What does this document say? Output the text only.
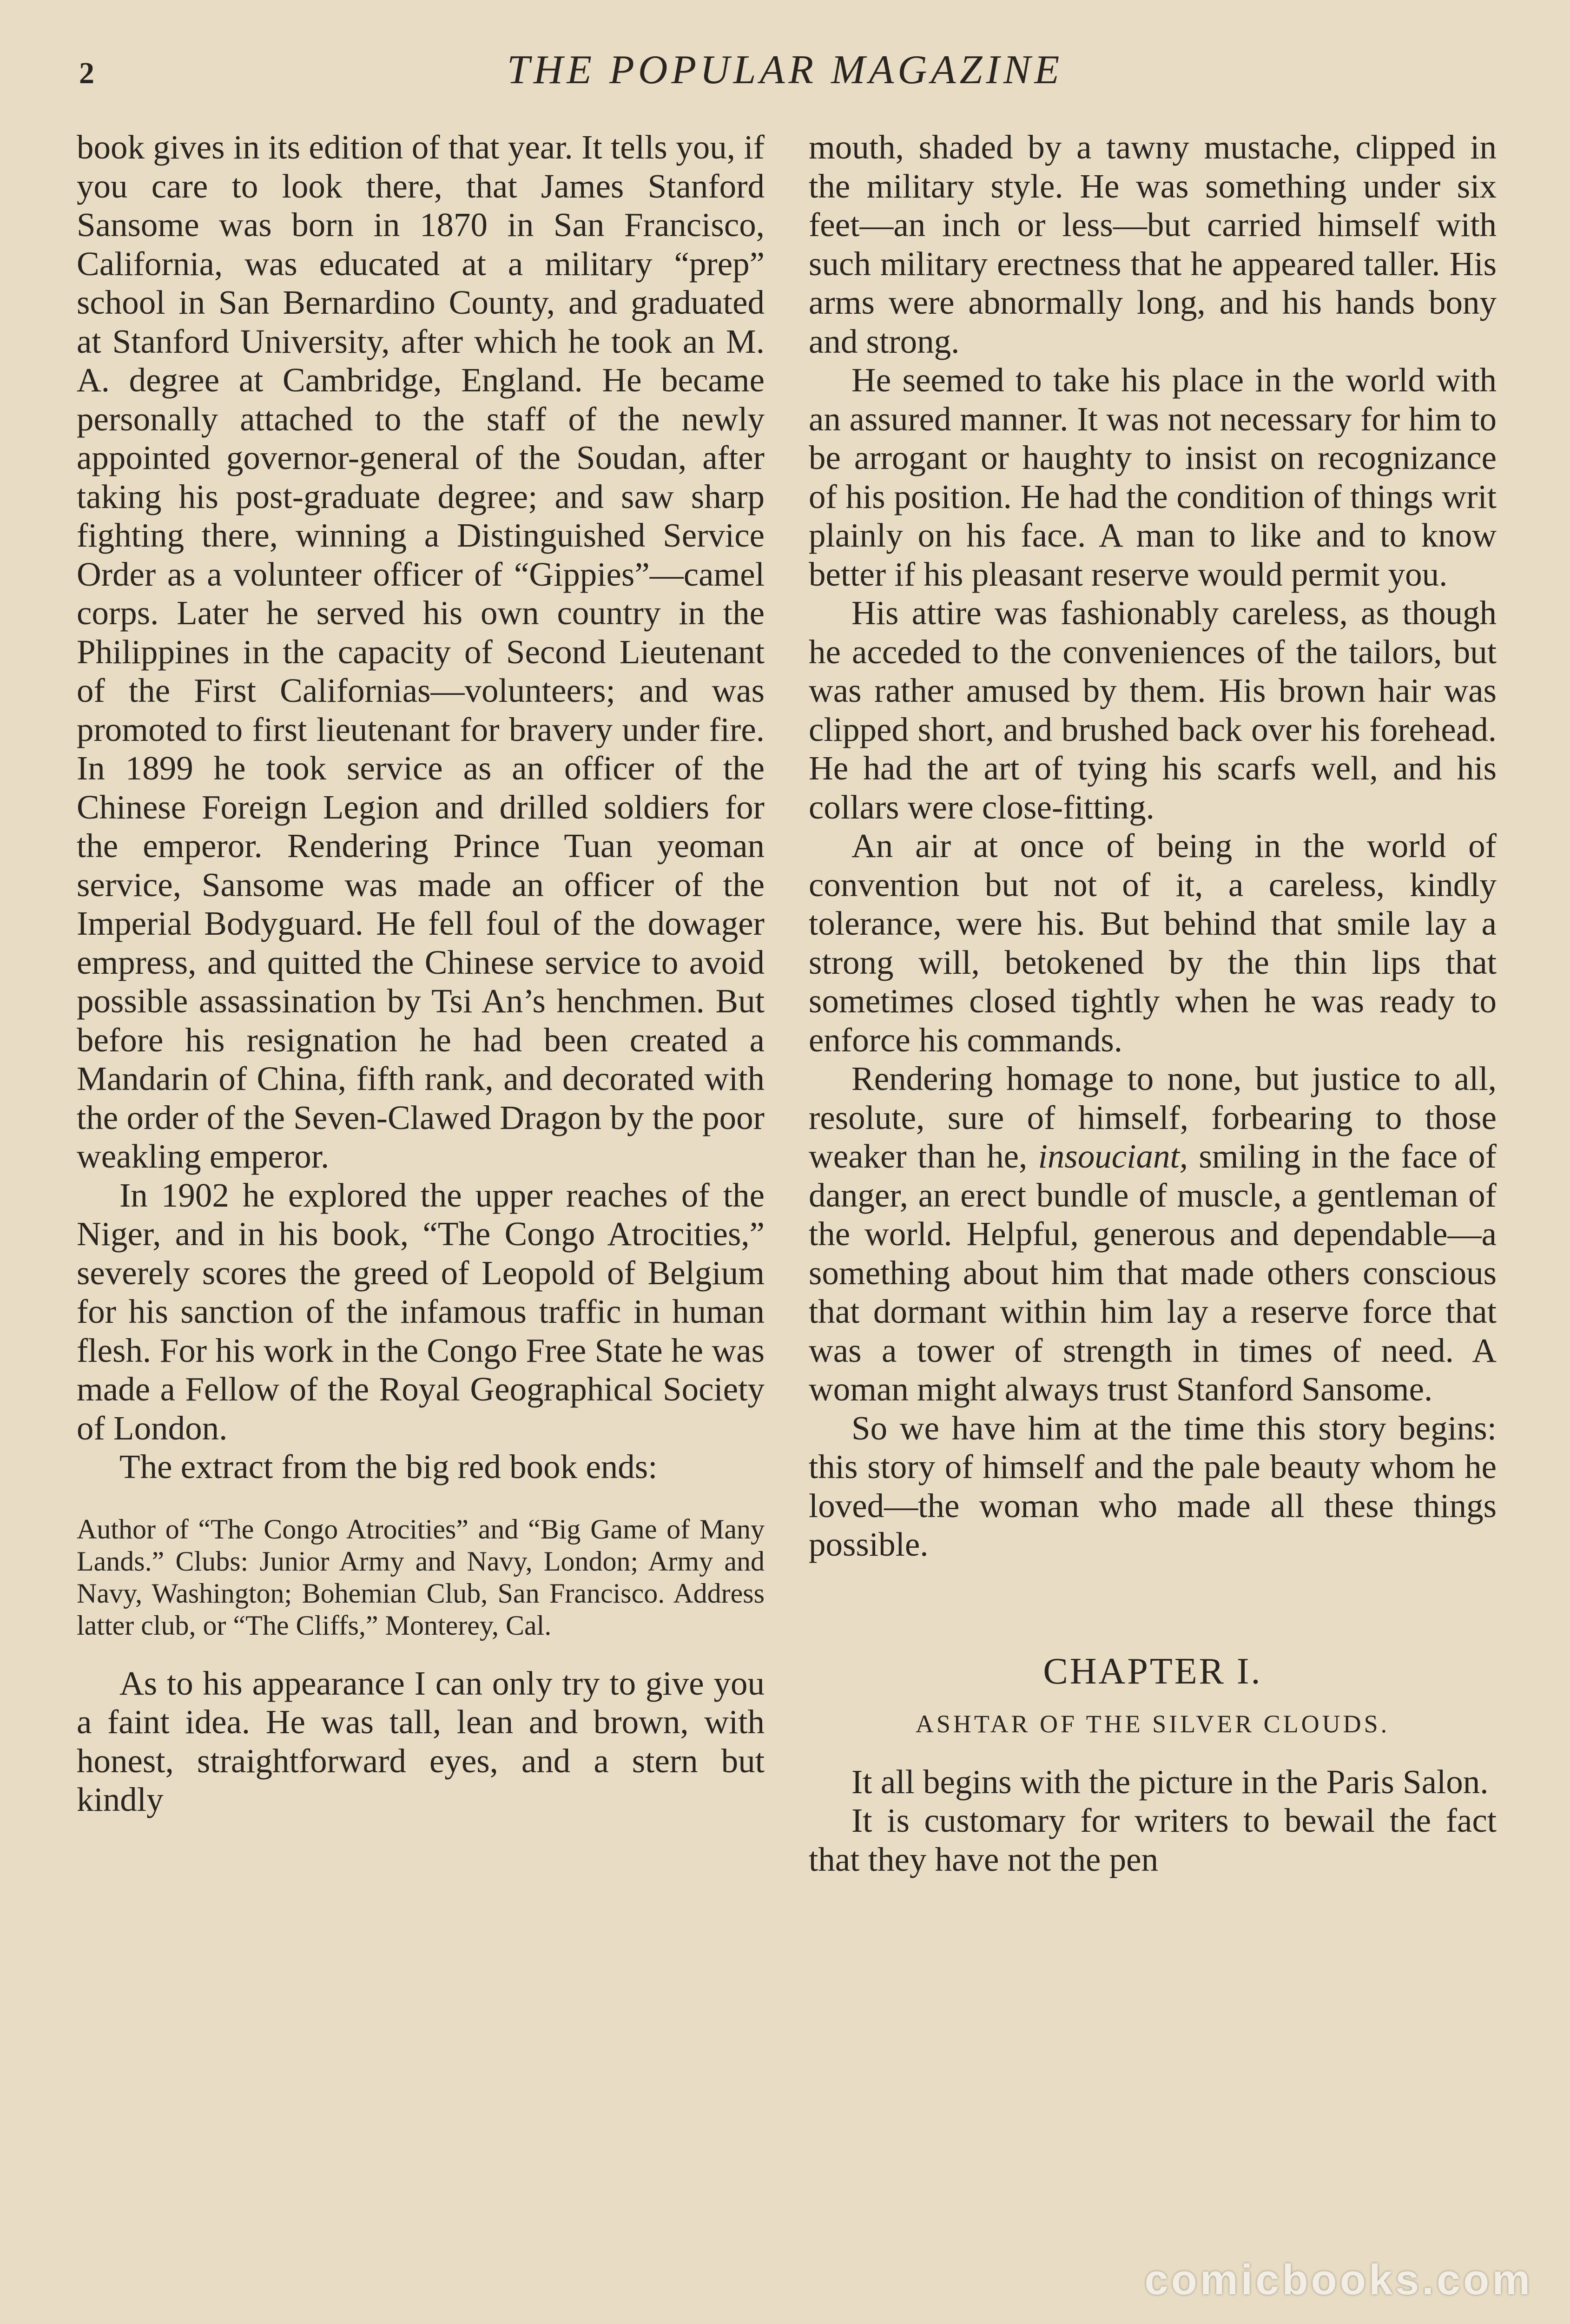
2	THE POPULAR MAGAZINE

book gives in its edition of that year. It tells you, if you care to look there, that James Stanford Sansome was born in 1870 in San Francisco, California, was educated at a military “prep” school in San Bernardino County, and graduated at Stanford University, after which he took an M. A. degree at Cambridge, England. He became personally attached to the staff of the newly appointed governor-general of the Soudan, after taking his post-graduate degree; and saw sharp fighting there, winning a Distinguished Service Order as a volunteer officer of “Gippies”—camel corps. Later he served his own country in the Philippines in the capacity of Second Lieutenant of the First Californias—volunteers; and was promoted to first lieutenant for bravery under fire. In 1899 he took service as an officer of the Chinese Foreign Legion and drilled soldiers for the emperor. Rendering Prince Tuan yeoman service, Sansome was made an officer of the Imperial Bodyguard. He fell foul of the dowager empress, and quitted the Chinese service to avoid possible assassination by Tsi An’s henchmen. But before his resignation he had been created a Mandarin of China, fifth rank, and decorated with the order of the Seven-Clawed Dragon by the poor weakling emperor.

In 1902 he explored the upper reaches of the Niger, and in his book, “The Congo Atrocities,” severely scores the greed of Leopold of Belgium for his sanction of the infamous traffic in human flesh. For his work in the Congo Free State he was made a Fellow of the Royal Geographical Society of London.

The extract from the big red book ends:

Author of “The Congo Atrocities” and “Big Game of Many Lands.” Clubs: Junior Army and Navy, London; Army and Navy, Washington; Bohemian Club, San Francisco. Address latter club, or “The Cliffs,” Monterey, Cal.

As to his appearance I can only try to give you a faint idea. He was tall, lean and brown, with honest, straightforward eyes, and a stern but kindly

mouth, shaded by a tawny mustache, clipped in the military style. He was something under six feet—an inch or less—but carried himself with such military erectness that he appeared taller. His arms were abnormally long, and his hands bony and strong.

He seemed to take his place in the world with an assured manner. It was not necessary for him to be arrogant or haughty to insist on recognizance of his position. He had the condition of things writ plainly on his face. A man to like and to know better if his pleasant reserve would permit you.

His attire was fashionably careless, as though he acceded to the conveniences of the tailors, but was rather amused by them. His brown hair was clipped short, and brushed back over his forehead. He had the art of tying his scarfs well, and his collars were close-fitting.

An air at once of being in the world of convention but not of it, a careless, kindly tolerance, were his. But behind that smile lay a strong will, betokened by the thin lips that sometimes closed tightly when he was ready to enforce his commands.

Rendering homage to none, but justice to all, resolute, sure of himself, forbearing to those weaker than he, insouciant, smiling in the face of danger, an erect bundle of muscle, a gentleman of the world. Helpful, generous and dependable—a something about him that made others conscious that dormant within him lay a reserve force that was a tower of strength in times of need. A woman might always trust Stanford Sansome.

So we have him at the time this story begins: this story of himself and the pale beauty whom he loved—the woman who made all these things possible.

CHAPTER I.
ASHTAR OF THE SILVER CLOUDS.

It all begins with the picture in the Paris Salon.

It is customary for writers to bewail the fact that they have not the pen

comicbooks.com
